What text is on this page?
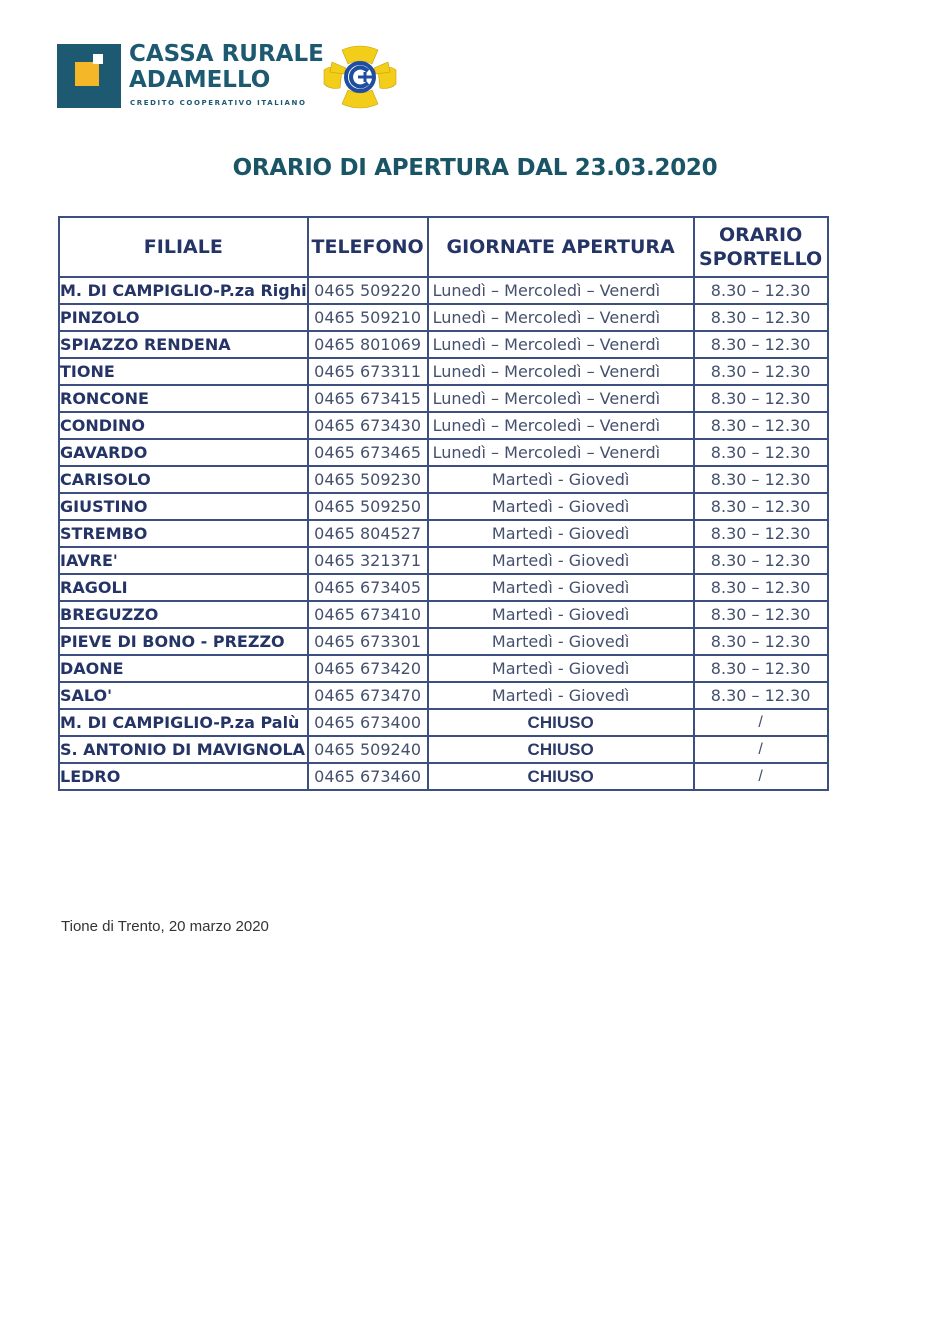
CASSA RURALE
ADAMELLO
CREDITO COOPERATIVO ITALIANO
ORARIO DI APERTURA DAL 23.03.2020
FILIALE	TELEFONO	GIORNATE APERTURA	ORARIO
SPORTELLO

M. DI CAMPIGLIO-P.za Righi	0465 509220	Lunedì – Mercoledì – Venerdì	8.30 – 12.30
PINZOLO	0465 509210	Lunedì – Mercoledì – Venerdì	8.30 – 12.30
SPIAZZO RENDENA	0465 801069	Lunedì – Mercoledì – Venerdì	8.30 – 12.30
TIONE	0465 673311	Lunedì – Mercoledì – Venerdì	8.30 – 12.30
RONCONE	0465 673415	Lunedì – Mercoledì – Venerdì	8.30 – 12.30
CONDINO	0465 673430	Lunedì – Mercoledì – Venerdì	8.30 – 12.30
GAVARDO	0465 673465	Lunedì – Mercoledì – Venerdì	8.30 – 12.30
CARISOLO	0465 509230	Martedì - Giovedì	8.30 – 12.30
GIUSTINO	0465 509250	Martedì - Giovedì	8.30 – 12.30
STREMBO	0465 804527	Martedì - Giovedì	8.30 – 12.30
IAVRE'	0465 321371	Martedì - Giovedì	8.30 – 12.30
RAGOLI	0465 673405	Martedì - Giovedì	8.30 – 12.30
BREGUZZO	0465 673410	Martedì - Giovedì	8.30 – 12.30
PIEVE DI BONO - PREZZO	0465 673301	Martedì - Giovedì	8.30 – 12.30
DAONE	0465 673420	Martedì - Giovedì	8.30 – 12.30
SALO'	0465 673470	Martedì - Giovedì	8.30 – 12.30
M. DI CAMPIGLIO-P.za Palù	0465 673400	CHIUSO	/
S. ANTONIO DI MAVIGNOLA	0465 509240	CHIUSO	/
LEDRO	0465 673460	CHIUSO	/
Tione di Trento, 20 marzo 2020
